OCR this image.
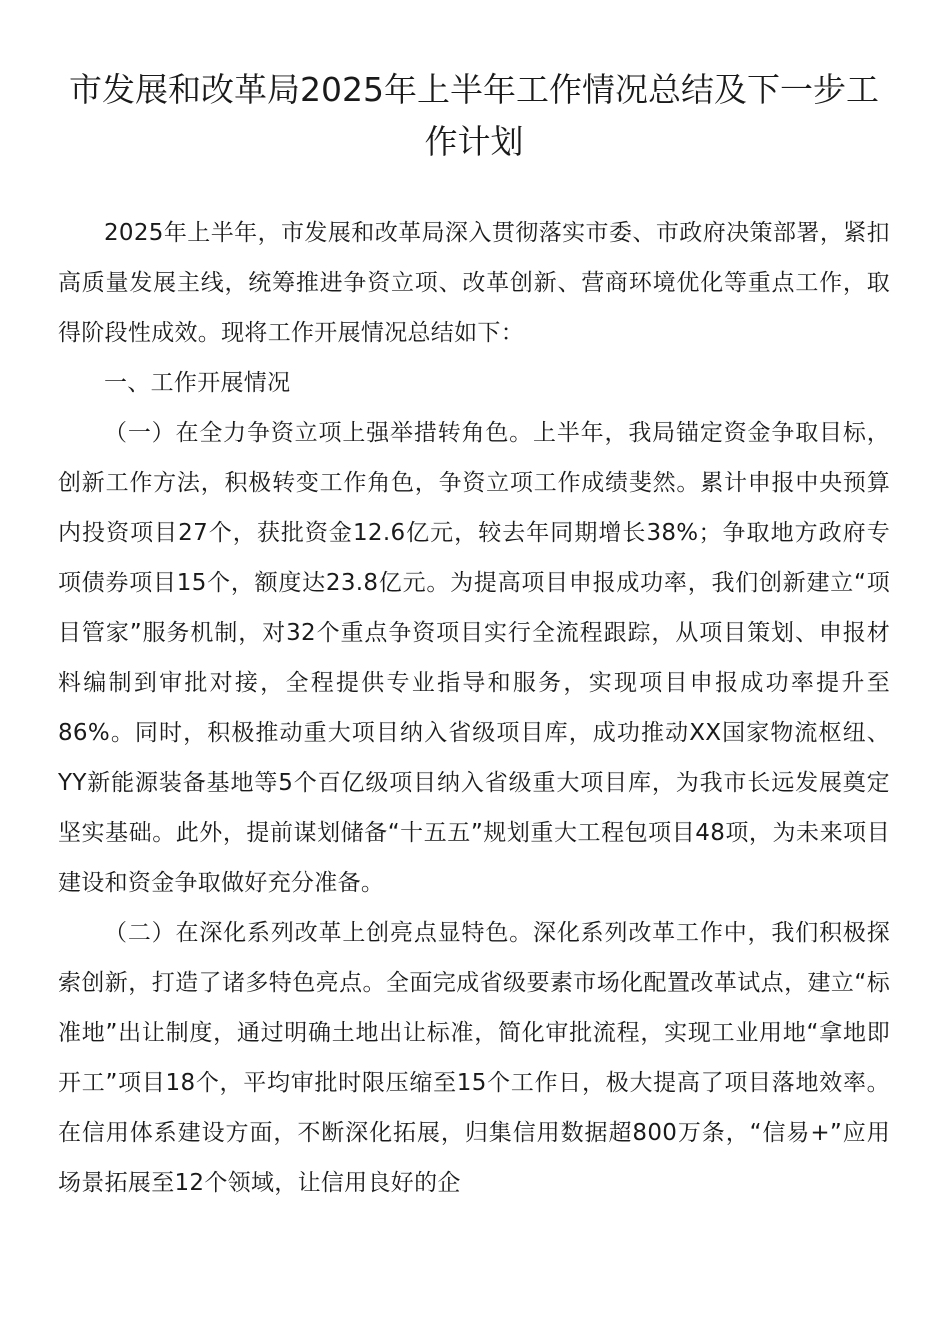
市发展和改革局2025年上半年工作情况总结及下一步工作计划

2025年上半年，市发展和改革局深入贯彻落实市委、市政府决策部署，紧扣高质量发展主线，统筹推进争资立项、改革创新、营商环境优化等重点工作，取得阶段性成效。现将工作开展情况总结如下：

一、工作开展情况

（一）在全力争资立项上强举措转角色。上半年，我局锚定资金争取目标，创新工作方法，积极转变工作角色，争资立项工作成绩斐然。累计申报中央预算内投资项目27个，获批资金12.6亿元，较去年同期增长38%；争取地方政府专项债券项目15个，额度达23.8亿元。为提高项目申报成功率，我们创新建立“项目管家”服务机制，对32个重点争资项目实行全流程跟踪，从项目策划、申报材料编制到审批对接，全程提供专业指导和服务，实现项目申报成功率提升至86%。同时，积极推动重大项目纳入省级项目库，成功推动XX国家物流枢纽、YY新能源装备基地等5个百亿级项目纳入省级重大项目库，为我市长远发展奠定坚实基础。此外，提前谋划储备“十五五”规划重大工程包项目48项，为未来项目建设和资金争取做好充分准备。

（二）在深化系列改革上创亮点显特色。深化系列改革工作中，我们积极探索创新，打造了诸多特色亮点。全面完成省级要素市场化配置改革试点，建立“标准地”出让制度，通过明确土地出让标准，简化审批流程，实现工业用地“拿地即开工”项目18个，平均审批时限压缩至15个工作日，极大提高了项目落地效率。在信用体系建设方面，不断深化拓展，归集信用数据超800万条，“信易+”应用场景拓展至12个领域，让信用良好的企
